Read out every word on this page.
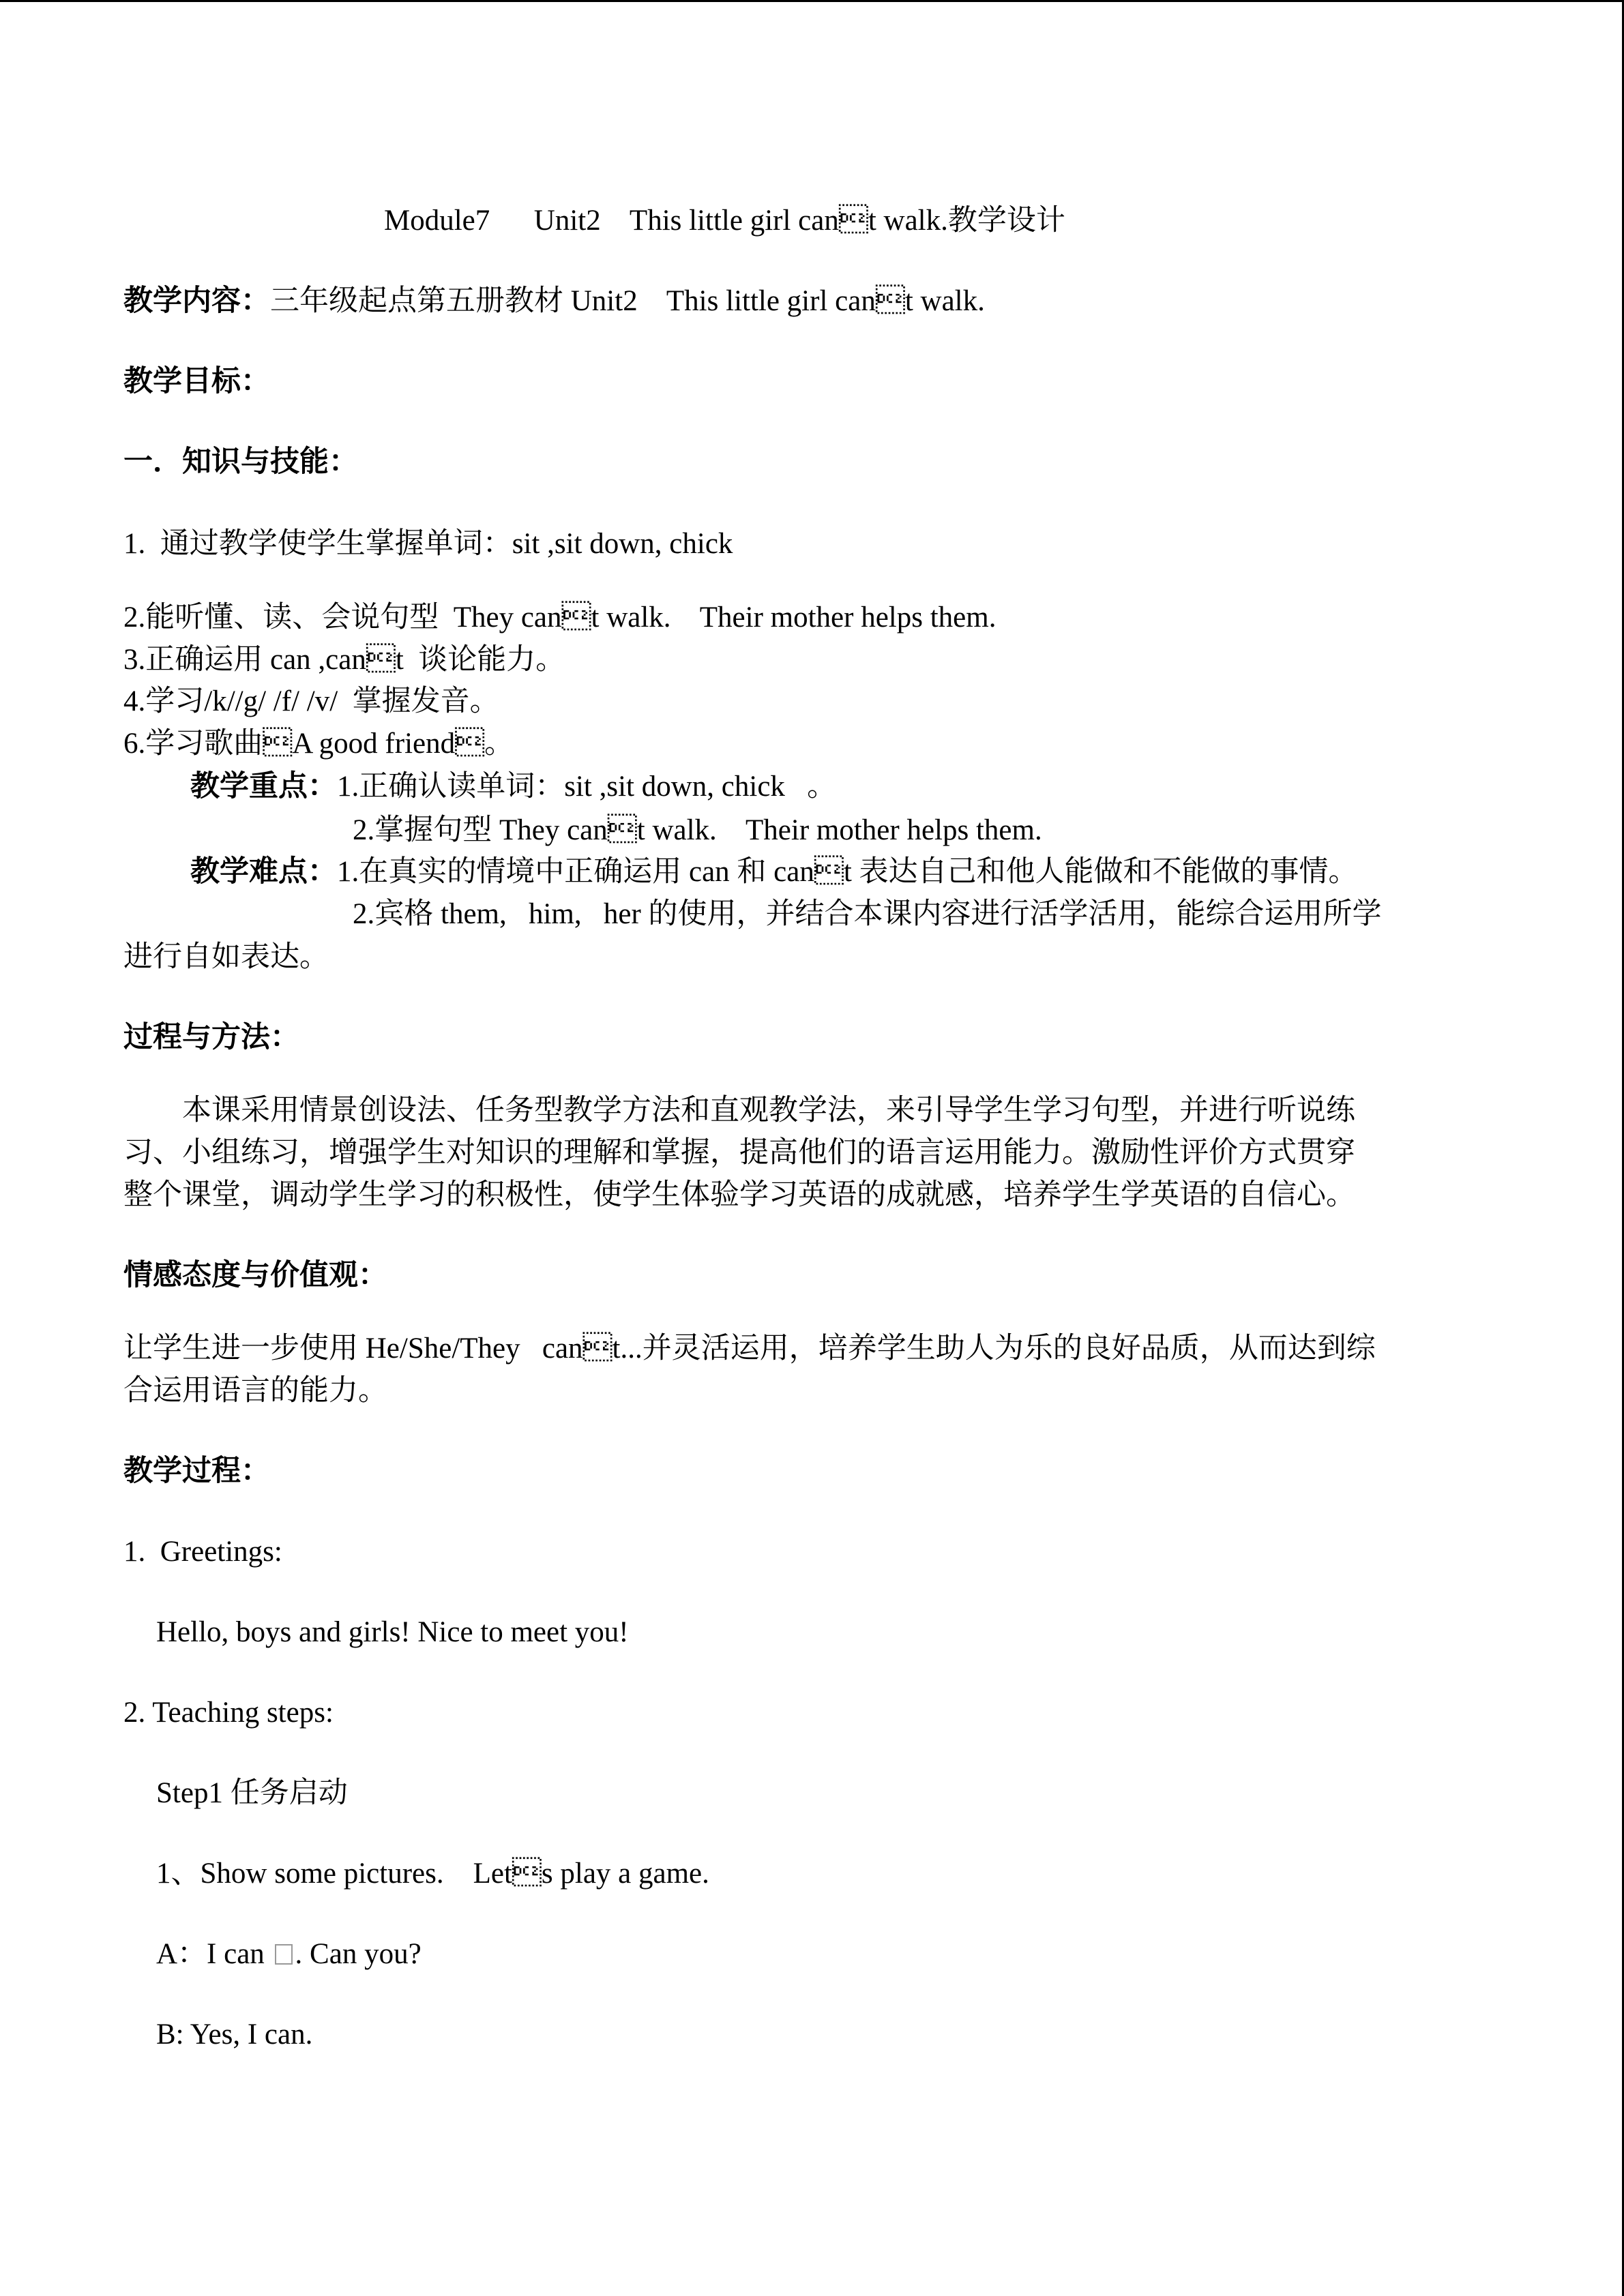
Module7      Unit2    This little girl cant walk.教学设计
教学内容：三年级起点第五册教材 Unit2    This little girl cant walk.
教学目标：
一．知识与技能：
1.  通过教学使学生掌握单词：sit ,sit down, chick
2.能听懂、读、会说句型  They cant walk.    Their mother helps them.
3.正确运用 can ,cant  谈论能力。
4.学习/k//g/ /f/ /v/  掌握发音。
6.学习歌曲A good friend。
教学重点：1.正确认读单词：sit ,sit down, chick   。
2.掌握句型 They cant walk.    Their mother helps them.
教学难点：1.在真实的情境中正确运用 can 和 cant 表达自己和他人能做和不能做的事情。
2.宾格 them,   him,   her 的使用，并结合本课内容进行活学活用，能综合运用所学
进行自如表达。
过程与方法：
本课采用情景创设法、任务型教学方法和直观教学法，来引导学生学习句型，并进行听说练
习、小组练习，增强学生对知识的理解和掌握，提高他们的语言运用能力。激励性评价方式贯穿
整个课堂，调动学生学习的积极性，使学生体验学习英语的成就感，培养学生学英语的自信心。
情感态度与价值观：
让学生进一步使用 He/She/They   cant...并灵活运用，培养学生助人为乐的良好品质，从而达到综
合运用语言的能力。
教学过程：
1.  Greetings:
Hello, boys and girls! Nice to meet you!
2. Teaching steps:
Step1 任务启动
1、Show some pictures.    Lets play a game.
A：I can . Can you?
B: Yes, I can.
